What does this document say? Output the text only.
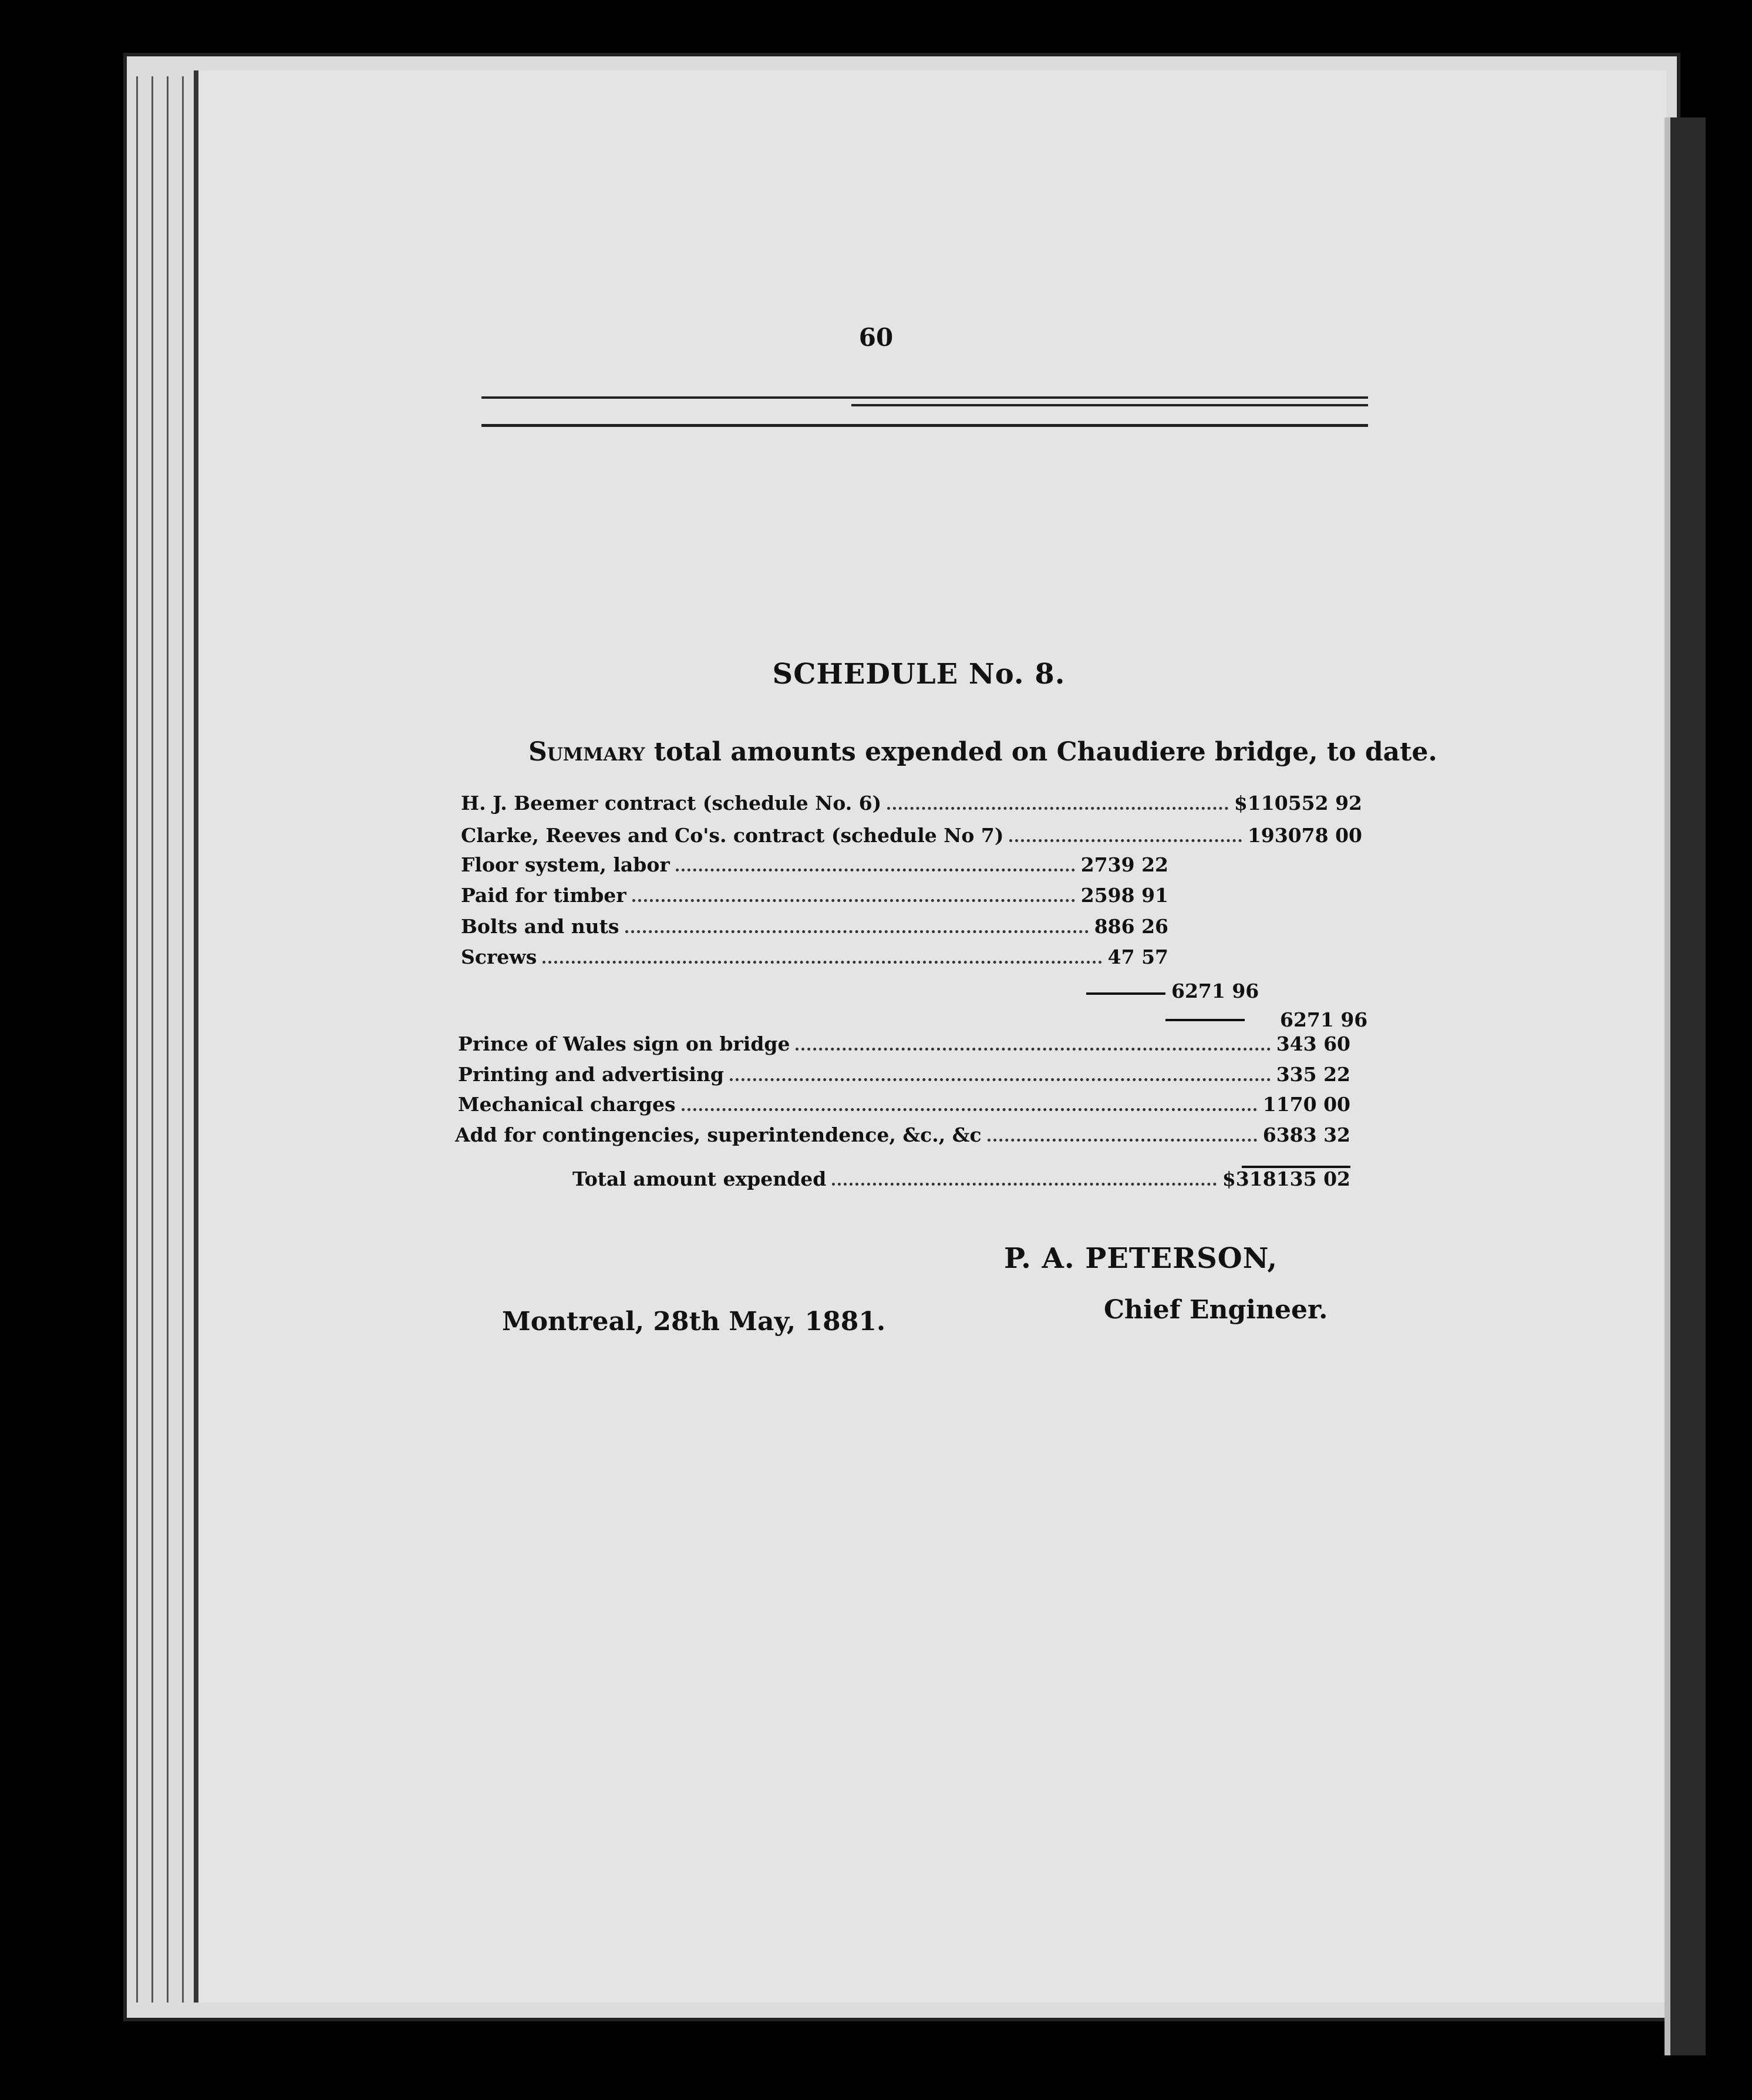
60
SCHEDULE No. 8.
Summary total amounts expended on Chaudiere bridge, to date.
H. J. Beemer contract (schedule No. 6)	$110552 92
Clarke, Reeves and Co's. contract (schedule No 7)	193078 00
Floor system, labor	2739 22
Paid for timber	2598 91
Bolts and nuts	886 26
Screws	47 57
6271 96
6271 96
Prince of Wales sign on bridge	343 60
Printing and advertising	335 22
Mechanical charges	1170 00
Add for contingencies, superintendence, &c., &c	6383 32
Total amount expended	$318135 02
P. A. PETERSON,
Chief Engineer.
Montreal, 28th May, 1881.
